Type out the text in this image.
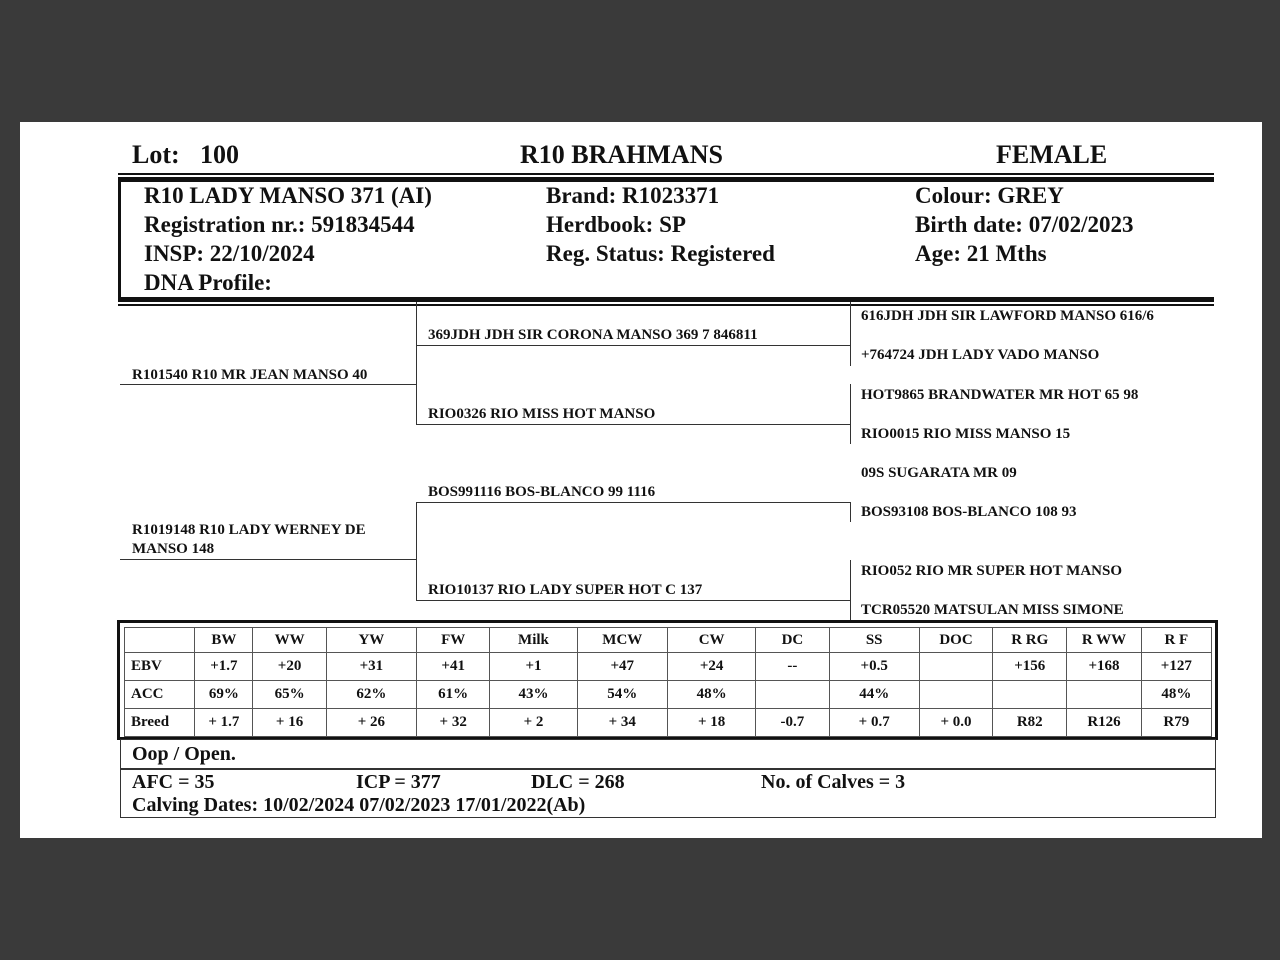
Lot: 100	R10 BRAHMANS	FEMALE
R10 LADY MANSO 371 (AI)
Registration nr.: 591834544
INSP: 22/10/2024
DNA Profile:
Brand: R1023371
Herdbook: SP
Reg. Status: Registered
Colour: GREY
Birth date: 07/02/2023
Age: 21 Mths
R101540 R10 MR JEAN MANSO 40
R1019148 R10 LADY WERNEY DE
MANSO 148
369JDH JDH SIR CORONA MANSO 369 7 846811
RIO0326 RIO MISS HOT MANSO
BOS991116 BOS-BLANCO 99 1116
RIO10137 RIO LADY SUPER HOT C 137
616JDH JDH SIR LAWFORD MANSO 616/6
+764724 JDH LADY VADO MANSO
HOT9865 BRANDWATER MR HOT 65 98
RIO0015 RIO MISS MANSO 15
09S SUGARATA MR 09
BOS93108 BOS-BLANCO 108 93
RIO052 RIO MR SUPER HOT MANSO
TCR05520 MATSULAN MISS SIMONE
	BW	WW	YW	FW	Milk	MCW	CW	DC	SS	DOC	R RG	R WW	R F
EBV	+1.7	+20	+31	+41	+1	+47	+24	--	+0.5		+156	+168	+127
ACC	69%	65%	62%	61%	43%	54%	48%		44%				48%
Breed	+ 1.7	+ 16	+ 26	+ 32	+ 2	+ 34	+ 18	-0.7	+ 0.7	+ 0.0	R82	R126	R79
Oop / Open.
AFC = 35	ICP = 377	DLC = 268	No. of Calves = 3
Calving Dates: 10/02/2024 07/02/2023 17/01/2022(Ab)
